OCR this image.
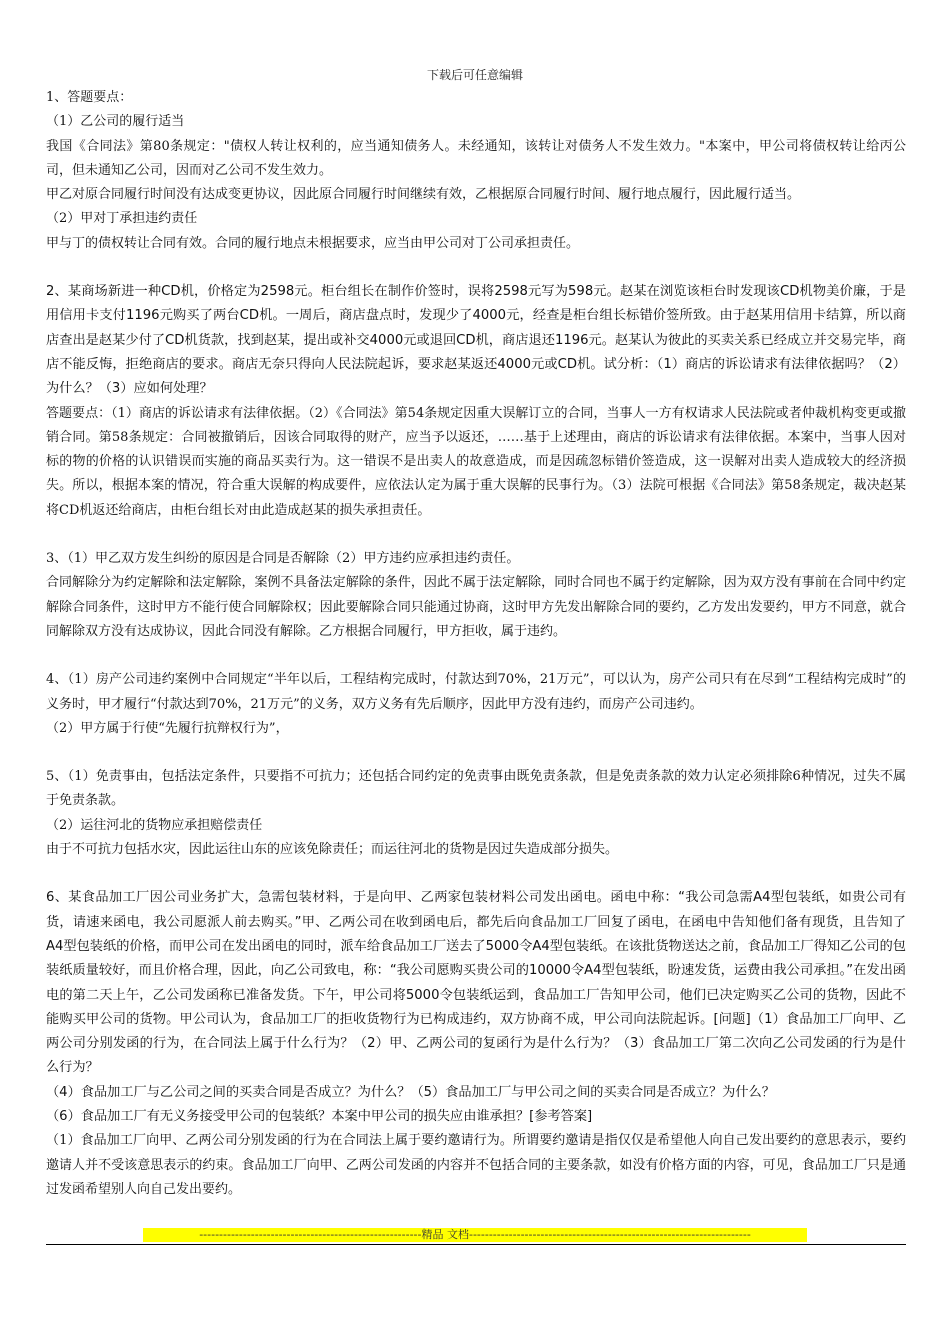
下载后可任意编辑

1、答题要点：

（1）乙公司的履行适当

我国《合同法》第80条规定："债权人转让权利的，应当通知债务人。未经通知，该转让对债务人不发生效力。"本案中，甲公司将债权转让给丙公司，但未通知乙公司，因而对乙公司不发生效力。

甲乙对原合同履行时间没有达成变更协议，因此原合同履行时间继续有效，乙根据原合同履行时间、履行地点履行，因此履行适当。

（2）甲对丁承担违约责任

甲与丁的债权转让合同有效。合同的履行地点未根据要求，应当由甲公司对丁公司承担责任。

2、某商场新进一种CD机，价格定为2598元。柜台组长在制作价签时，误将2598元写为598元。赵某在浏览该柜台时发现该CD机物美价廉，于是用信用卡支付1196元购买了两台CD机。一周后，商店盘点时，发现少了4000元，经查是柜台组长标错价签所致。由于赵某用信用卡结算，所以商店查出是赵某少付了CD机货款，找到赵某，提出或补交4000元或退回CD机，商店退还1196元。赵某认为彼此的买卖关系已经成立并交易完毕，商店不能反悔，拒绝商店的要求。商店无奈只得向人民法院起诉，要求赵某返还4000元或CD机。试分析：（1）商店的诉讼请求有法律依据吗？（2）为什么？（3）应如何处理？

答题要点：（1）商店的诉讼请求有法律依据。（2）《合同法》第54条规定因重大误解订立的合同，当事人一方有权请求人民法院或者仲裁机构变更或撤销合同。第58条规定：合同被撤销后，因该合同取得的财产，应当予以返还，……基于上述理由，商店的诉讼请求有法律依据。本案中，当事人因对标的物的价格的认识错误而实施的商品买卖行为。这一错误不是出卖人的故意造成，而是因疏忽标错价签造成，这一误解对出卖人造成较大的经济损失。所以，根据本案的情况，符合重大误解的构成要件，应依法认定为属于重大误解的民事行为。（3）法院可根据《合同法》第58条规定，裁决赵某将CD机返还给商店，由柜台组长对由此造成赵某的损失承担责任。

3、（1）甲乙双方发生纠纷的原因是合同是否解除（2）甲方违约应承担违约责任。

合同解除分为约定解除和法定解除，案例不具备法定解除的条件，因此不属于法定解除，同时合同也不属于约定解除，因为双方没有事前在合同中约定解除合同条件，这时甲方不能行使合同解除权；因此要解除合同只能通过协商，这时甲方先发出解除合同的要约，乙方发出发要约，甲方不同意，就合同解除双方没有达成协议，因此合同没有解除。乙方根据合同履行，甲方拒收，属于违约。

4、（1）房产公司违约案例中合同规定“半年以后，工程结构完成时，付款达到70%，21万元”，可以认为，房产公司只有在尽到“工程结构完成时”的义务时，甲才履行“付款达到70%，21万元”的义务，双方义务有先后顺序，因此甲方没有违约，而房产公司违约。

（2）甲方属于行使“先履行抗辩权行为”，

5、（1）免责事由，包括法定条件，只要指不可抗力；还包括合同约定的免责事由既免责条款，但是免责条款的效力认定必须排除6种情况，过失不属于免责条款。

（2）运往河北的货物应承担赔偿责任

由于不可抗力包括水灾，因此运往山东的应该免除责任；而运往河北的货物是因过失造成部分损失。

6、某食品加工厂因公司业务扩大，急需包装材料，于是向甲、乙两家包装材料公司发出函电。函电中称：“我公司急需A4型包装纸，如贵公司有货，请速来函电，我公司愿派人前去购买。”甲、乙两公司在收到函电后，都先后向食品加工厂回复了函电，在函电中告知他们备有现货，且告知了A4型包装纸的价格，而甲公司在发出函电的同时，派车给食品加工厂送去了5000令A4型包装纸。在该批货物送达之前，食品加工厂得知乙公司的包装纸质量较好，而且价格合理，因此，向乙公司致电，称：“我公司愿购买贵公司的10000令A4型包装纸，盼速发货，运费由我公司承担。”在发出函电的第二天上午，乙公司发函称已准备发货。下午，甲公司将5000令包装纸运到，食品加工厂告知甲公司，他们已决定购买乙公司的货物，因此不能购买甲公司的货物。甲公司认为，食品加工厂的拒收货物行为已构成违约，双方协商不成，甲公司向法院起诉。[问题]（1）食品加工厂向甲、乙两公司分别发函的行为，在合同法上属于什么行为？（2）甲、乙两公司的复函行为是什么行为？（3）食品加工厂第二次向乙公司发函的行为是什么行为？

（4）食品加工厂与乙公司之间的买卖合同是否成立？为什么？（5）食品加工厂与甲公司之间的买卖合同是否成立？为什么？

（6）食品加工厂有无义务接受甲公司的包装纸？本案中甲公司的损失应由谁承担？[参考答案]

（1）食品加工厂向甲、乙两公司分别发函的行为在合同法上属于要约邀请行为。所谓要约邀请是指仅仅是希望他人向自己发出要约的意思表示，要约邀请人并不受该意思表示的约束。食品加工厂向甲、乙两公司发函的内容并不包括合同的主要条款，如没有价格方面的内容，可见，食品加工厂只是通过发函希望别人向自己发出要约。

--------------------------------------------------------精品 文档-----------------------------------------------------------------------
